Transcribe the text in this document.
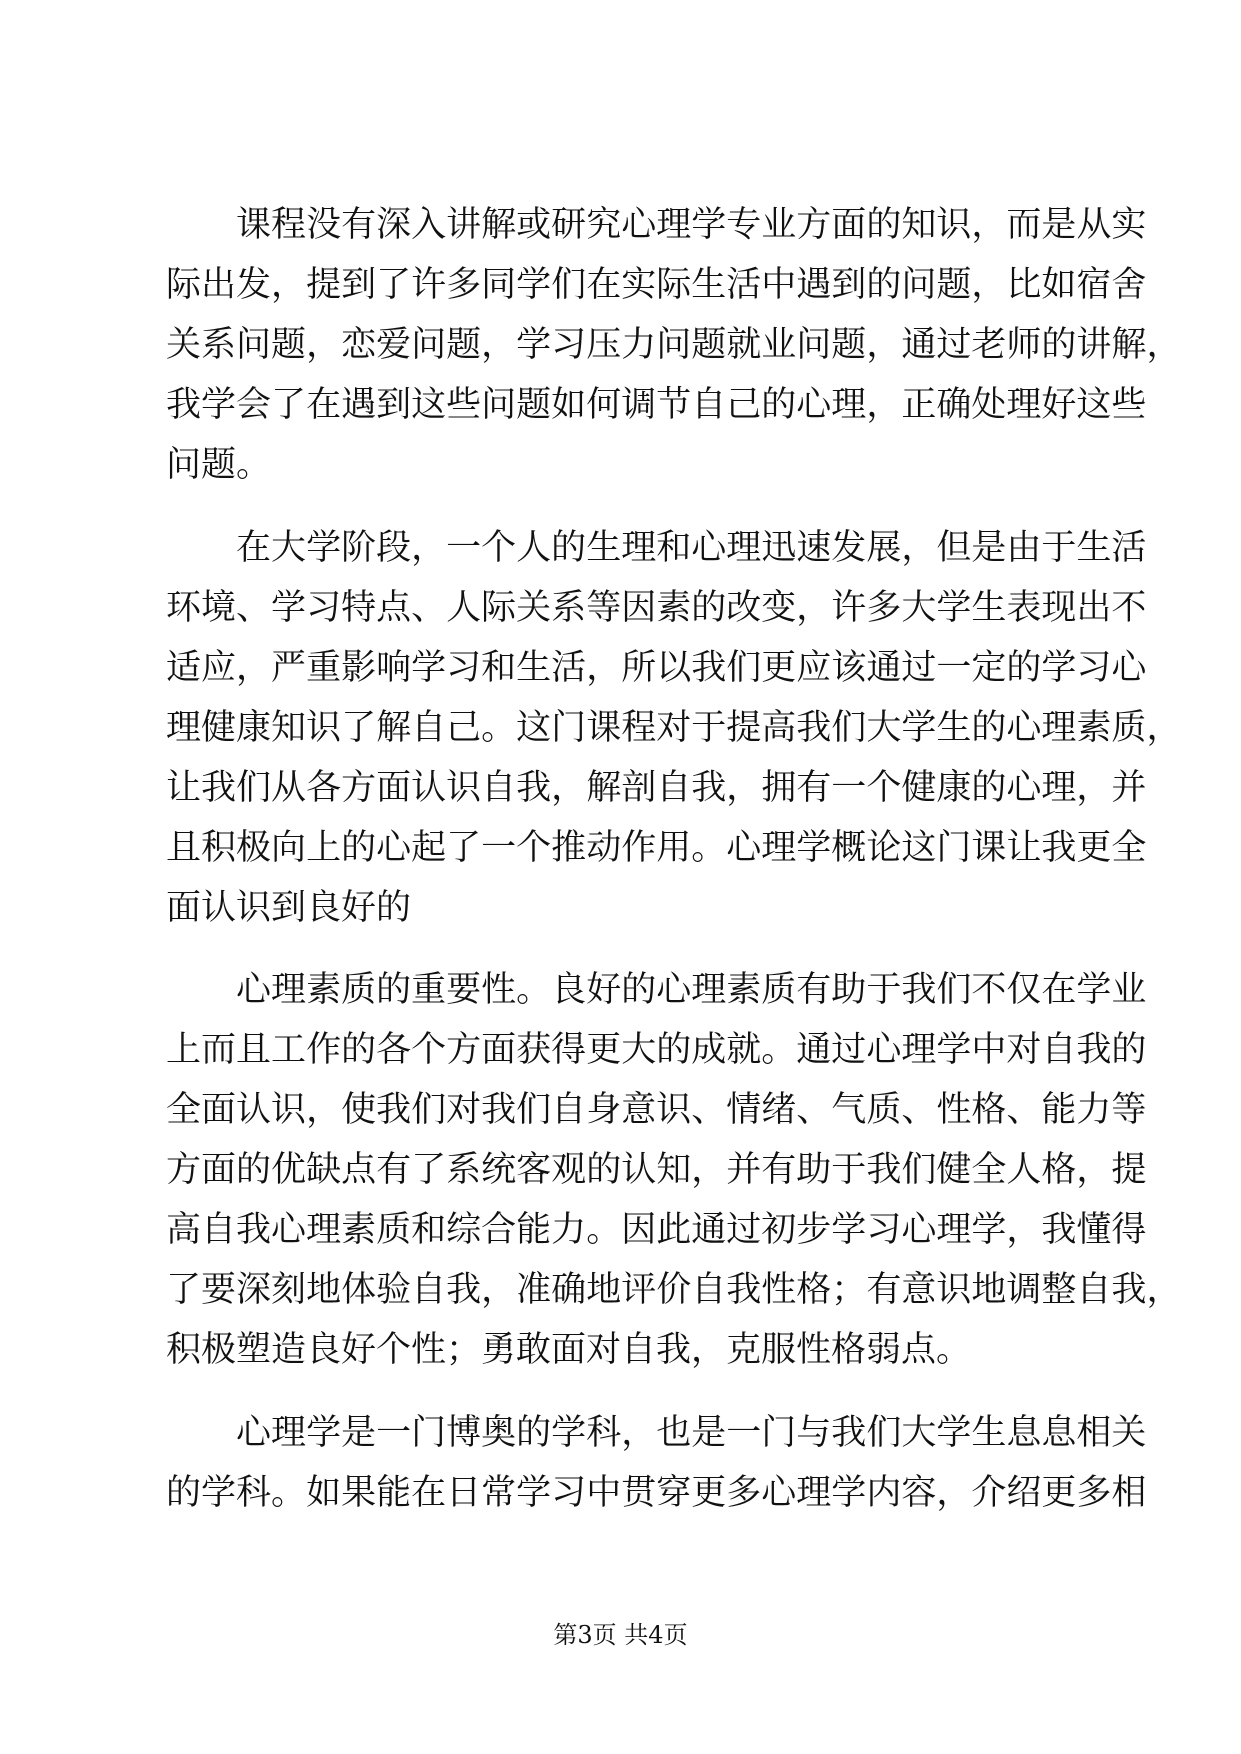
课 程 没 有 深 入 讲 解 或 研 究 心 理 学 专 业 方 面 的 知 识 ， 而 是 从 实
际 出 发 ， 提 到 了 许 多 同 学 们 在 实 际 生 活 中 遇 到 的 问 题 ， 比 如 宿 舍
关 系 问 题 ， 恋 爱 问 题 ， 学 习 压 力 问 题 就 业 问 题 ， 通 过 老 师 的 讲 解 ，
我 学 会 了 在 遇 到 这 些 问 题 如 何 调 节 自 己 的 心 理 ， 正 确 处 理 好 这 些
问题。

在 大 学 阶 段 ， 一 个 人 的 生 理 和 心 理 迅 速 发 展 ， 但 是 由 于 生 活
环 境 、 学 习 特 点 、 人 际 关 系 等 因 素 的 改 变 ， 许 多 大 学 生 表 现 出 不
适 应 ， 严 重 影 响 学 习 和 生 活 ， 所 以 我 们 更 应 该 通 过 一 定 的 学 习 心
理 健 康 知 识 了 解 自 己 。 这 门 课 程 对 于 提 高 我 们 大 学 生 的 心 理 素 质 ，
让 我 们 从 各 方 面 认 识 自 我 ， 解 剖 自 我 ， 拥 有 一 个 健 康 的 心 理 ， 并
且 积 极 向 上 的 心 起 了 一 个 推 动 作 用 。 心 理 学 概 论 这 门 课 让 我 更 全
面认识到良好的

心 理 素 质 的 重 要 性 。 良 好 的 心 理 素 质 有 助 于 我 们 不 仅 在 学 业
上 而 且 工 作 的 各 个 方 面 获 得 更 大 的 成 就 。 通 过 心 理 学 中 对 自 我 的
全 面 认 识 ， 使 我 们 对 我 们 自 身 意 识 、 情 绪 、 气 质 、 性 格 、 能 力 等
方 面 的 优 缺 点 有 了 系 统 客 观 的 认 知 ， 并 有 助 于 我 们 健 全 人 格 ， 提
高 自 我 心 理 素 质 和 综 合 能 力 。 因 此 通 过 初 步 学 习 心 理 学 ， 我 懂 得
了 要 深 刻 地 体 验 自 我 ， 准 确 地 评 价 自 我 性 格 ； 有 意 识 地 调 整 自 我 ，
积极塑造良好个性；勇敢面对自我，克服性格弱点。

心 理 学 是 一 门 博 奥 的 学 科 ， 也 是 一 门 与 我 们 大 学 生 息 息 相 关
的 学 科 。 如 果 能 在 日 常 学 习 中 贯 穿 更 多 心 理 学 内 容 ， 介 绍 更 多 相
第3页 共4页
